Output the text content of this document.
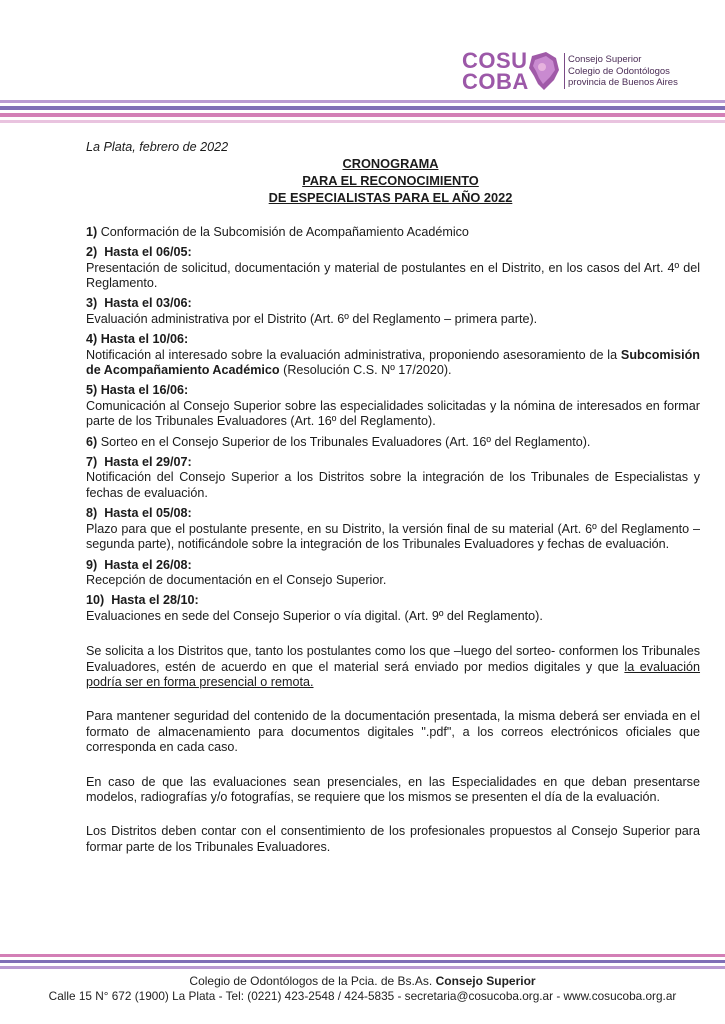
COSU
COBA
Consejo Superior
Colegio de Odontólogos
provincia de Buenos Aires
La Plata, febrero de 2022
CRONOGRAMA
PARA EL RECONOCIMIENTO
DE ESPECIALISTAS PARA EL AÑO 2022

1) Conformación de la Subcomisión de Acompañamiento Académico

2) Hasta el 06/05:

Presentación de solicitud, documentación y material de postulantes en el Distrito, en los casos del Art. 4º del Reglamento.

3) Hasta el 03/06:

Evaluación administrativa por el Distrito (Art. 6º del Reglamento – primera parte).

4) Hasta el 10/06:

Notificación al interesado sobre la evaluación administrativa, proponiendo asesoramiento de la Subcomisión de Acompañamiento Académico (Resolución C.S. Nº 17/2020).

5) Hasta el 16/06:

Comunicación al Consejo Superior sobre las especialidades solicitadas y la nómina de interesados en formar parte de los Tribunales Evaluadores (Art. 16º del Reglamento).

6) Sorteo en el Consejo Superior de los Tribunales Evaluadores (Art. 16º del Reglamento).

7) Hasta el 29/07:

Notificación del Consejo Superior a los Distritos sobre la integración de los Tribunales de Especialistas y fechas de evaluación.

8) Hasta el 05/08:

Plazo para que el postulante presente, en su Distrito, la versión final de su material (Art. 6º del Reglamento – segunda parte), notificándole sobre la integración de los Tribunales Evaluadores y fechas de evaluación.

9) Hasta el 26/08:

Recepción de documentación en el Consejo Superior.

10) Hasta el 28/10:

Evaluaciones en sede del Consejo Superior o vía digital. (Art. 9º del Reglamento).

Se solicita a los Distritos que, tanto los postulantes como los que –luego del sorteo- conformen los Tribunales Evaluadores, estén de acuerdo en que el material será enviado por medios digitales y que la evaluación podría ser en forma presencial o remota.

Para mantener seguridad del contenido de la documentación presentada, la misma deberá ser enviada en el formato de almacenamiento para documentos digitales ".pdf", a los correos electrónicos oficiales que corresponda en cada caso.

En caso de que las evaluaciones sean presenciales, en las Especialidades en que deban presentarse modelos, radiografías y/o fotografías, se requiere que los mismos se presenten el día de la evaluación.

Los Distritos deben contar con el consentimiento de los profesionales propuestos al Consejo Superior para formar parte de los Tribunales Evaluadores.

Colegio de Odontólogos de la Pcia. de Bs.As. Consejo Superior
Calle 15 N° 672 (1900) La Plata - Tel: (0221) 423-2548 / 424-5835 - secretaria@cosucoba.org.ar - www.cosucoba.org.ar
